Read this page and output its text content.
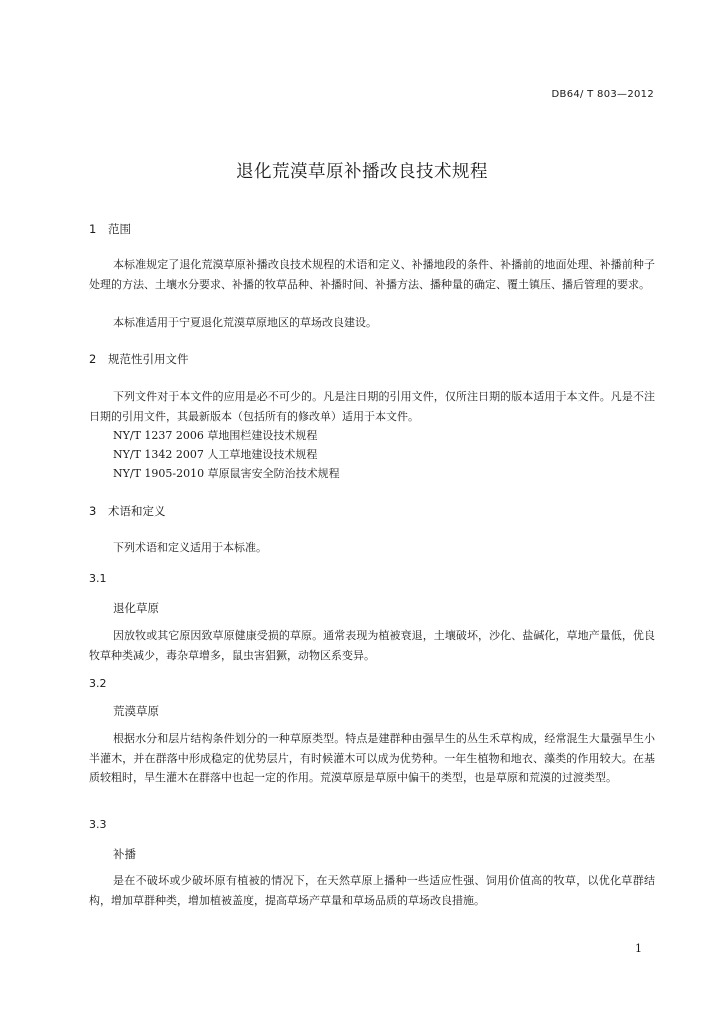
DB64/ T 803—2012
退化荒漠草原补播改良技术规程
1 范围

本标准规定了退化荒漠草原补播改良技术规程的术语和定义、补播地段的条件、补播前的地面处理、补播前种子处理的方法、土壤水分要求、补播的牧草品种、补播时间、补播方法、播种量的确定、覆土镇压、播后管理的要求。

本标准适用于宁夏退化荒漠草原地区的草场改良建设。

2 规范性引用文件

下列文件对于本文件的应用是必不可少的。凡是注日期的引用文件，仅所注日期的版本适用于本文件。凡是不注日期的引用文件，其最新版本（包括所有的修改单）适用于本文件。

NY/T 1237 2006 草地围栏建设技术规程
NY/T 1342 2007 人工草地建设技术规程
NY/T 1905-2010 草原鼠害安全防治技术规程
3 术语和定义

下列术语和定义适用于本标准。

3.1
退化草原

因放牧或其它原因致草原健康受损的草原。通常表现为植被衰退，土壤破坏，沙化、盐碱化，草地产量低，优良牧草种类减少，毒杂草增多，鼠虫害猖獗，动物区系变异。

3.2
荒漠草原

根据水分和层片结构条件划分的一种草原类型。特点是建群种由强旱生的丛生禾草构成，经常混生大量强旱生小半灌木，并在群落中形成稳定的优势层片，有时候灌木可以成为优势种。一年生植物和地衣、藻类的作用较大。在基质较粗时，旱生灌木在群落中也起一定的作用。荒漠草原是草原中偏干的类型，也是草原和荒漠的过渡类型。

3.3
补播

是在不破坏或少破坏原有植被的情况下，在天然草原上播种一些适应性强、饲用价值高的牧草，以优化草群结构，增加草群种类，增加植被盖度，提高草场产草量和草场品质的草场改良措施。

1
